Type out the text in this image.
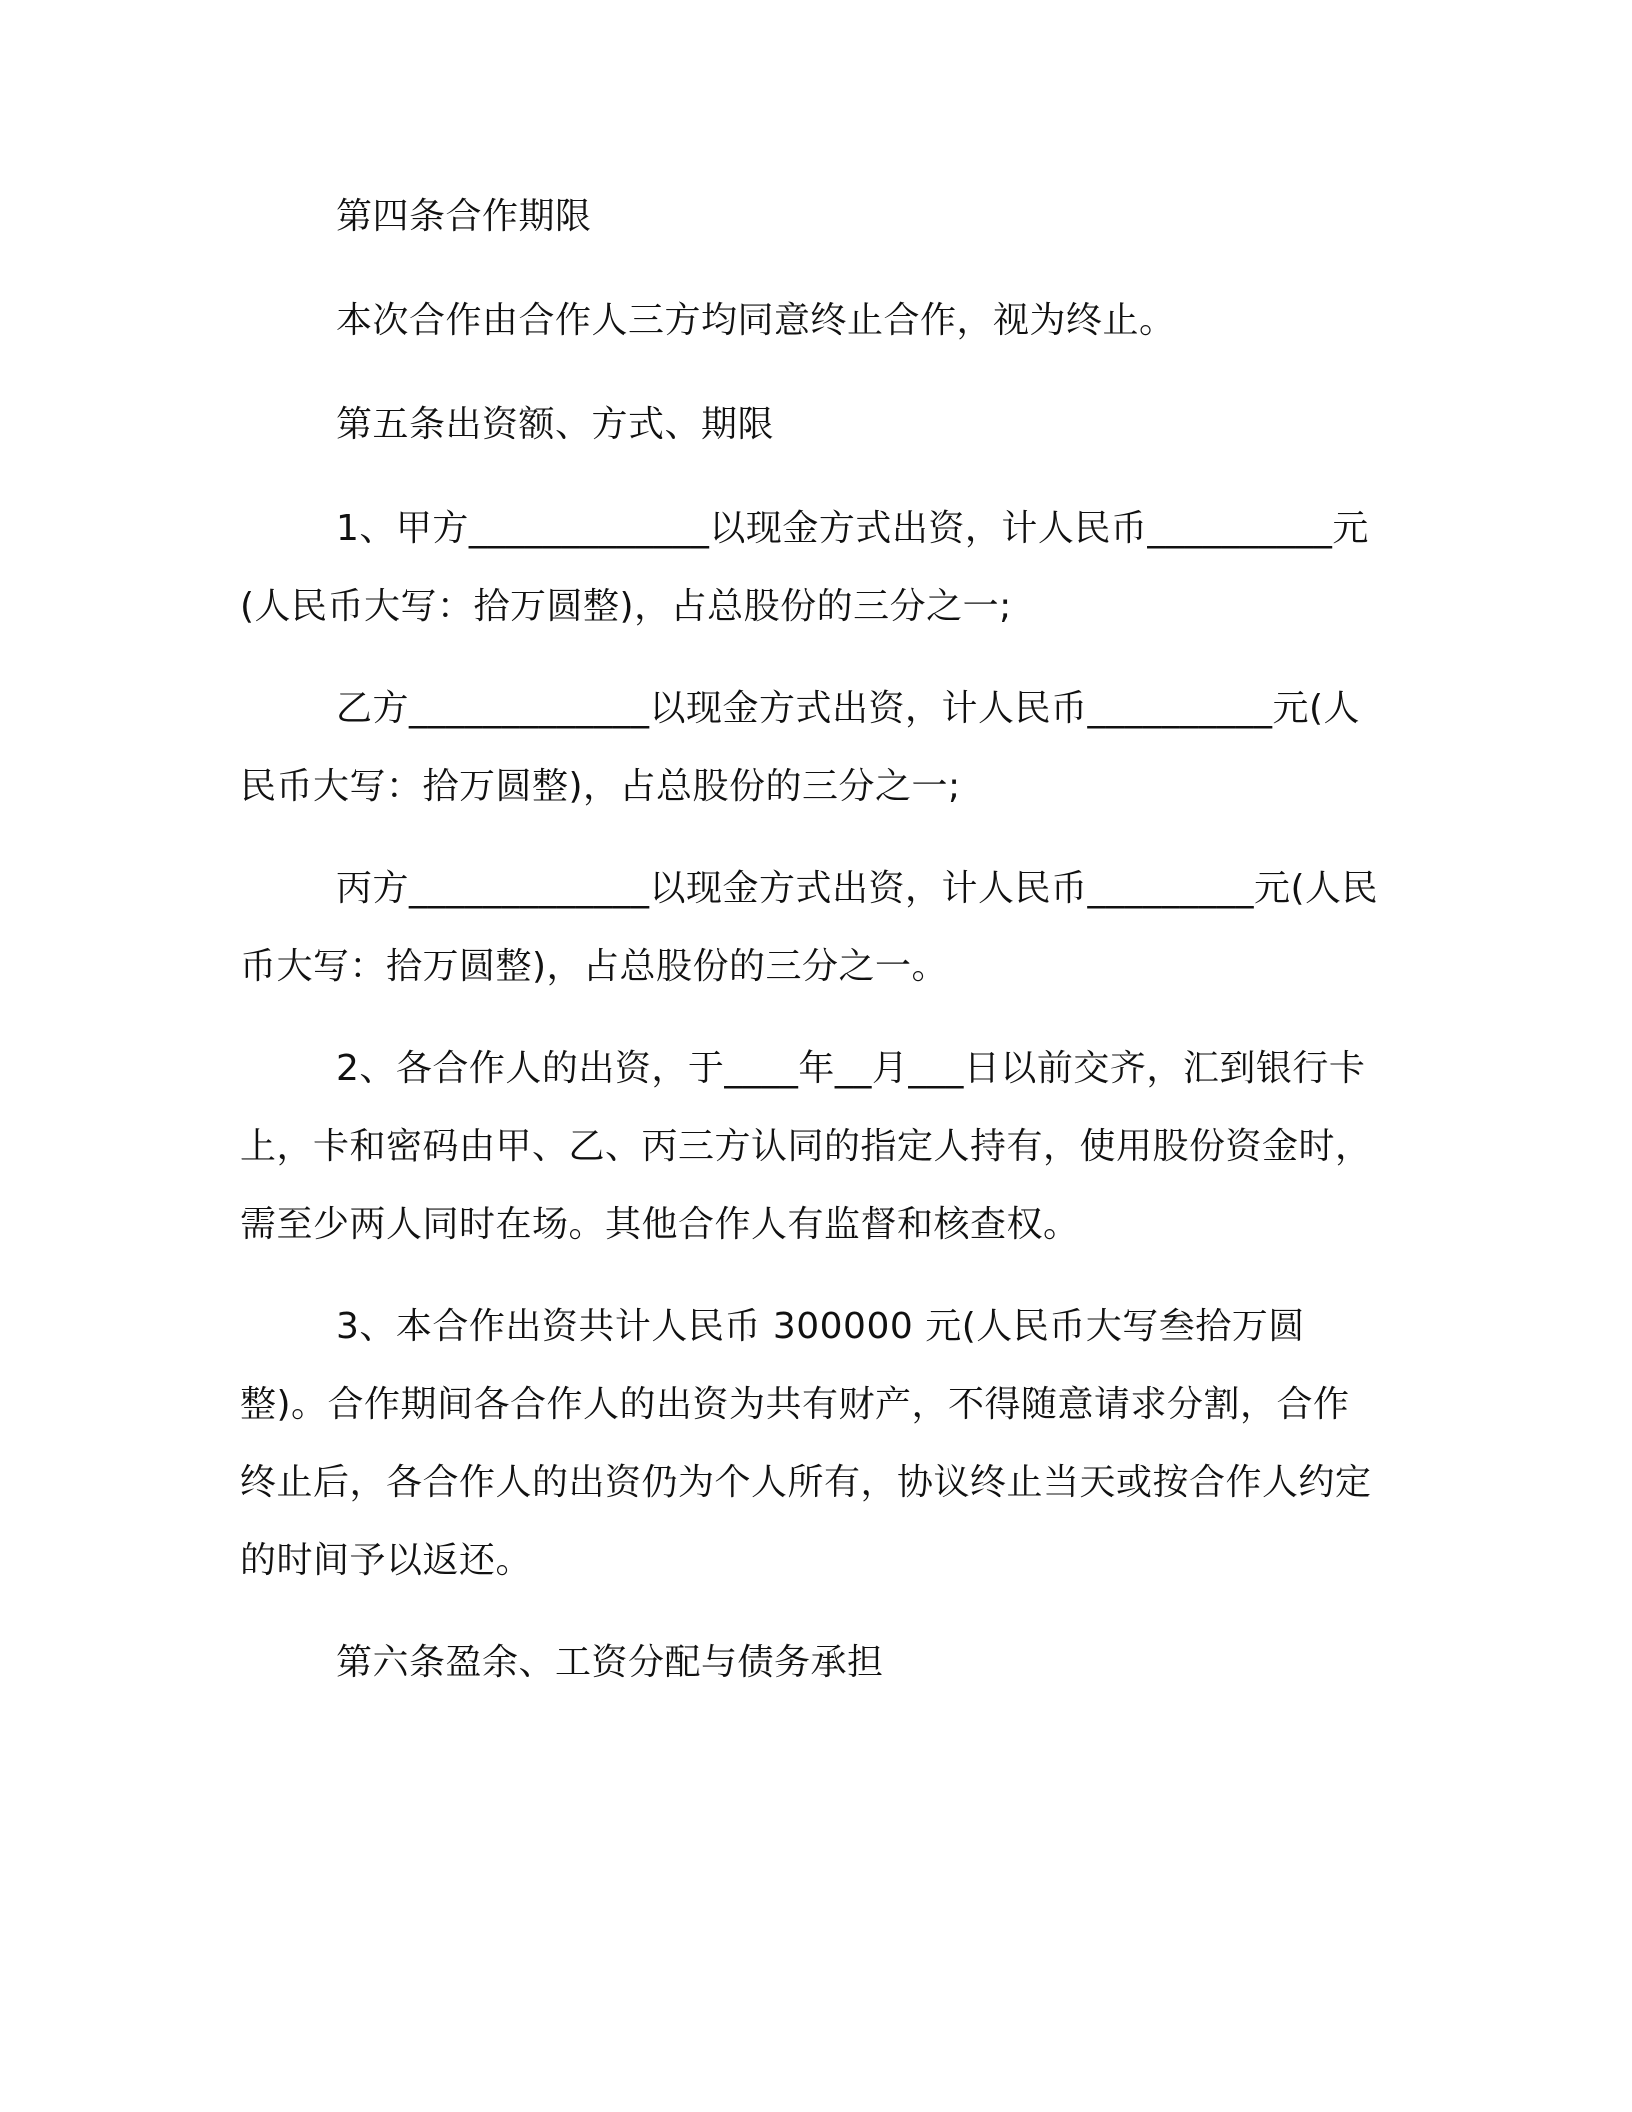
第四条合作期限

本次合作由合作人三方均同意终止合作，视为终止。

第五条出资额、方式、期限

1、甲方_____________以现金方式出资，计人民币__________元(人民币大写：拾万圆整)，占总股份的三分之一;

乙方_____________以现金方式出资，计人民币__________元(人民币大写：拾万圆整)，占总股份的三分之一;

丙方_____________以现金方式出资，计人民币_________元(人民币大写：拾万圆整)，占总股份的三分之一。

2、各合作人的出资，于____年__月___日以前交齐，汇到银行卡上，卡和密码由甲、乙、丙三方认同的指定人持有，使用股份资金时，需至少两人同时在场。其他合作人有监督和核查权。

3、本合作出资共计人民币 300000 元(人民币大写叁拾万圆整)。合作期间各合作人的出资为共有财产，不得随意请求分割，合作终止后，各合作人的出资仍为个人所有，协议终止当天或按合作人约定的时间予以返还。

第六条盈余、工资分配与债务承担
